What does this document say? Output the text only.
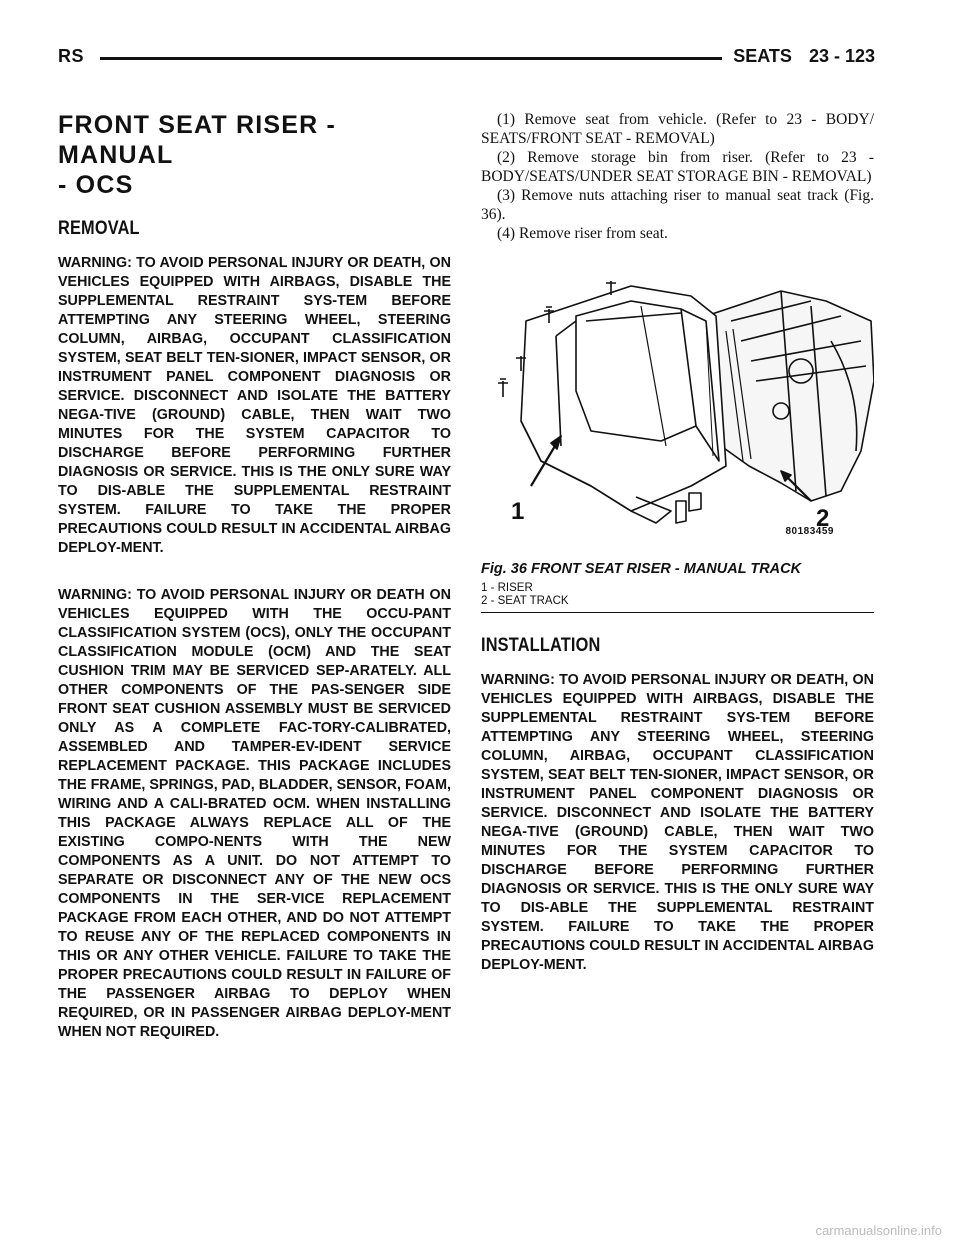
RS	SEATS 23 - 123
FRONT SEAT RISER - MANUAL
- OCS
REMOVAL

WARNING: TO AVOID PERSONAL INJURY OR DEATH, ON VEHICLES EQUIPPED WITH AIRBAGS, DISABLE THE SUPPLEMENTAL RESTRAINT SYS-TEM BEFORE ATTEMPTING ANY STEERING WHEEL, STEERING COLUMN, AIRBAG, OCCUPANT CLASSIFICATION SYSTEM, SEAT BELT TEN-SIONER, IMPACT SENSOR, OR INSTRUMENT PANEL COMPONENT DIAGNOSIS OR SERVICE. DISCONNECT AND ISOLATE THE BATTERY NEGA-TIVE (GROUND) CABLE, THEN WAIT TWO MINUTES FOR THE SYSTEM CAPACITOR TO DISCHARGE BEFORE PERFORMING FURTHER DIAGNOSIS OR SERVICE. THIS IS THE ONLY SURE WAY TO DIS-ABLE THE SUPPLEMENTAL RESTRAINT SYSTEM. FAILURE TO TAKE THE PROPER PRECAUTIONS COULD RESULT IN ACCIDENTAL AIRBAG DEPLOY-MENT.

WARNING: TO AVOID PERSONAL INJURY OR DEATH ON VEHICLES EQUIPPED WITH THE OCCU-PANT CLASSIFICATION SYSTEM (OCS), ONLY THE OCCUPANT CLASSIFICATION MODULE (OCM) AND THE SEAT CUSHION TRIM MAY BE SERVICED SEP-ARATELY. ALL OTHER COMPONENTS OF THE PAS-SENGER SIDE FRONT SEAT CUSHION ASSEMBLY MUST BE SERVICED ONLY AS A COMPLETE FAC-TORY-CALIBRATED, ASSEMBLED AND TAMPER-EV-IDENT SERVICE REPLACEMENT PACKAGE. THIS PACKAGE INCLUDES THE FRAME, SPRINGS, PAD, BLADDER, SENSOR, FOAM, WIRING AND A CALI-BRATED OCM. WHEN INSTALLING THIS PACKAGE ALWAYS REPLACE ALL OF THE EXISTING COMPO-NENTS WITH THE NEW COMPONENTS AS A UNIT. DO NOT ATTEMPT TO SEPARATE OR DISCONNECT ANY OF THE NEW OCS COMPONENTS IN THE SER-VICE REPLACEMENT PACKAGE FROM EACH OTHER, AND DO NOT ATTEMPT TO REUSE ANY OF THE REPLACED COMPONENTS IN THIS OR ANY OTHER VEHICLE. FAILURE TO TAKE THE PROPER PRECAUTIONS COULD RESULT IN FAILURE OF THE PASSENGER AIRBAG TO DEPLOY WHEN REQUIRED, OR IN PASSENGER AIRBAG DEPLOY-MENT WHEN NOT REQUIRED.

(1) Remove seat from vehicle. (Refer to 23 - BODY/ SEATS/FRONT SEAT - REMOVAL)

(2) Remove storage bin from riser. (Refer to 23 - BODY/SEATS/UNDER SEAT STORAGE BIN - REMOVAL)

(3) Remove nuts attaching riser to manual seat track (Fig. 36).

(4) Remove riser from seat.

1	2
80183459

Fig. 36 FRONT SEAT RISER - MANUAL TRACK

1 - RISER
2 - SEAT TRACK
INSTALLATION

WARNING: TO AVOID PERSONAL INJURY OR DEATH, ON VEHICLES EQUIPPED WITH AIRBAGS, DISABLE THE SUPPLEMENTAL RESTRAINT SYS-TEM BEFORE ATTEMPTING ANY STEERING WHEEL, STEERING COLUMN, AIRBAG, OCCUPANT CLASSIFICATION SYSTEM, SEAT BELT TEN-SIONER, IMPACT SENSOR, OR INSTRUMENT PANEL COMPONENT DIAGNOSIS OR SERVICE. DISCONNECT AND ISOLATE THE BATTERY NEGA-TIVE (GROUND) CABLE, THEN WAIT TWO MINUTES FOR THE SYSTEM CAPACITOR TO DISCHARGE BEFORE PERFORMING FURTHER DIAGNOSIS OR SERVICE. THIS IS THE ONLY SURE WAY TO DIS-ABLE THE SUPPLEMENTAL RESTRAINT SYSTEM. FAILURE TO TAKE THE PROPER PRECAUTIONS COULD RESULT IN ACCIDENTAL AIRBAG DEPLOY-MENT.

carmanualsonline.info
